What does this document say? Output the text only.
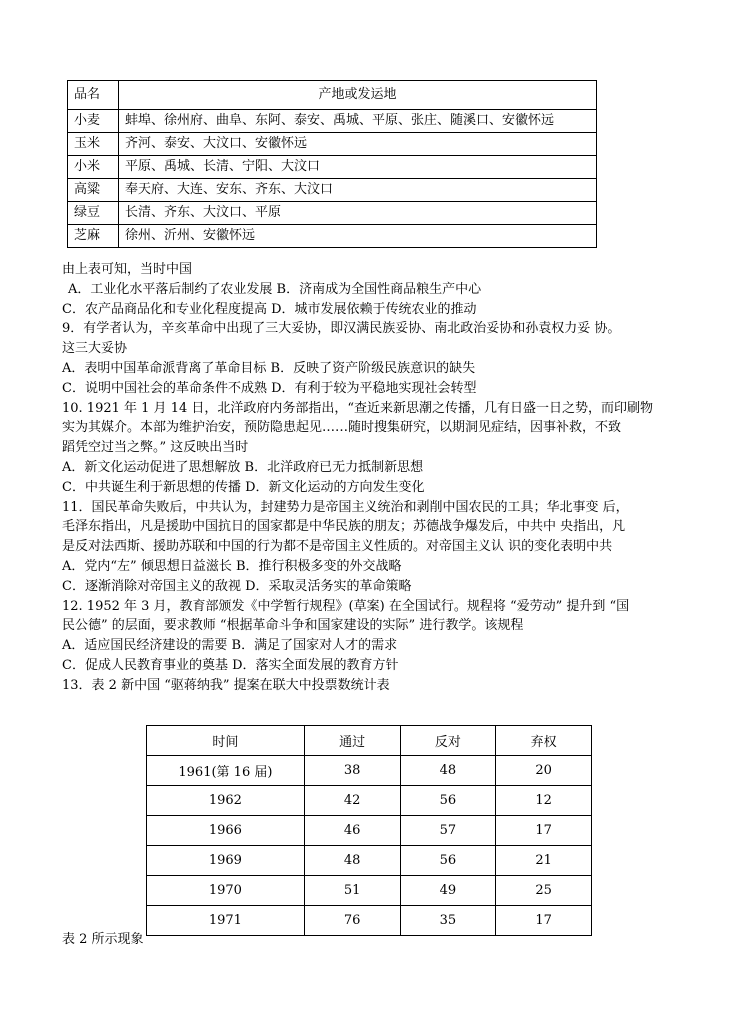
品名	产地或发运地
小麦	蚌埠、徐州府、曲阜、东阿、泰安、禹城、平原、张庄、随溪口、安徽怀远
玉米	齐河、泰安、大汶口、安徽怀远
小米	平原、禹城、长清、宁阳、大汶口
高粱	奉天府、大连、安东、齐东、大汶口
绿豆	长清、齐东、大汶口、平原
芝麻	徐州、沂州、安徽怀远
由上表可知，当时中国
A．工业化水平落后制约了农业发展 B．济南成为全国性商品粮生产中心
C．农产品商品化和专业化程度提高 D．城市发展依赖于传统农业的推动
9．有学者认为，辛亥革命中出现了三大妥协，即汉满民族妥协、南北政治妥协和孙袁权力妥 协。
这三大妥协
A．表明中国革命派背离了革命目标 B．反映了资产阶级民族意识的缺失
C．说明中国社会的革命条件不成熟 D．有利于较为平稳地实现社会转型
10. 1921 年 1 月 14 日，北洋政府内务部指出，“查近来新思潮之传播，几有日盛一日之势，而印刷物
实为其媒介。本部为维护治安，预防隐患起见……随时搜集研究，以期洞见症结，因事补救，不致
蹈凭空过当之弊。” 这反映出当时
A．新文化运动促进了思想解放 B．北洋政府已无力抵制新思想
C．中共诞生利于新思想的传播 D．新文化运动的方向发生变化
11．国民革命失败后，中共认为，封建势力是帝国主义统治和剥削中国农民的工具；华北事变 后，
毛泽东指出，凡是援助中国抗日的国家都是中华民族的朋友；苏德战争爆发后，中共中 央指出，凡
是反对法西斯、援助苏联和中国的行为都不是帝国主义性质的。对帝国主义认 识的变化表明中共
A．党内“左” 倾思想日益滋长 B．推行积极多变的外交战略
C．逐渐消除对帝国主义的敌视 D．采取灵活务实的革命策略
12. 1952 年 3 月，教育部颁发《中学暂行规程》(草案) 在全国试行。规程将 “爱劳动” 提升到 “国
民公德” 的层面，要求教师 “根据革命斗争和国家建设的实际” 进行教学。该规程
A．适应国民经济建设的需要 B．满足了国家对人才的需求
C．促成人民教育事业的奠基 D．落实全面发展的教育方针
13．表 2 新中国 “驱蒋纳我” 提案在联大中投票数统计表
时间	通过	反对	弃权
1961(第 16 届)	38	48	20
1962	42	56	12
1966	46	57	17
1969	48	56	21
1970	51	49	25
1971	76	35	17
表 2 所示现象
